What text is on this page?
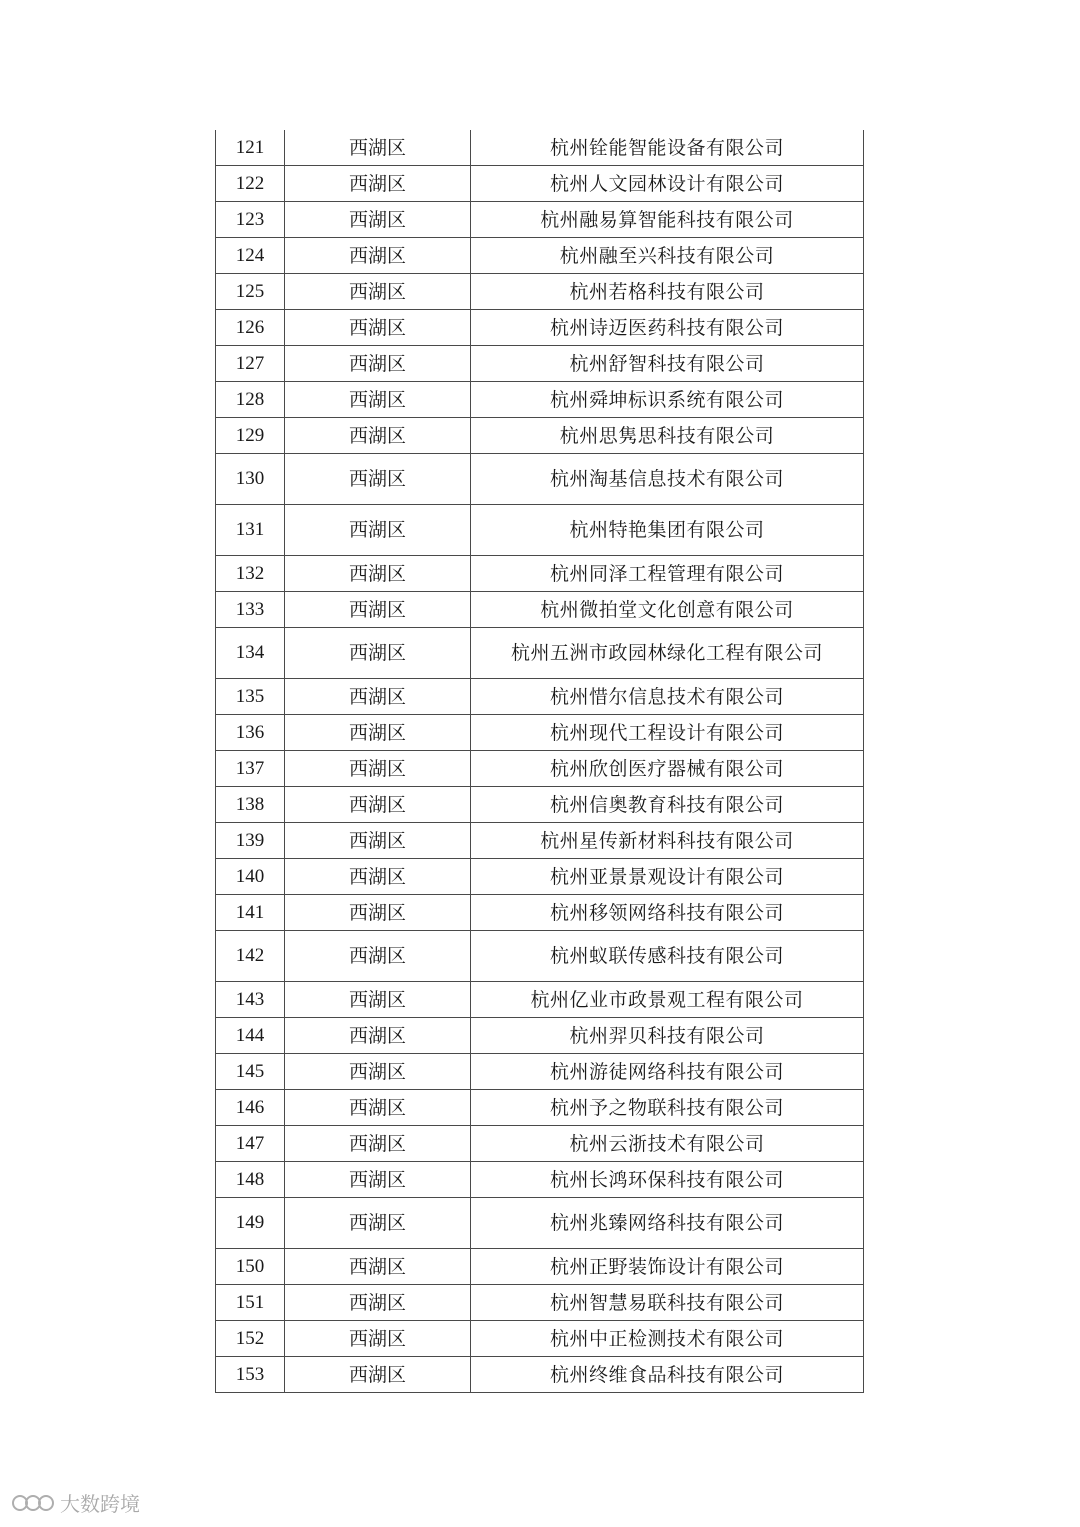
121	西湖区	杭州铨能智能设备有限公司
122	西湖区	杭州人文园林设计有限公司
123	西湖区	杭州融易算智能科技有限公司
124	西湖区	杭州融至兴科技有限公司
125	西湖区	杭州若格科技有限公司
126	西湖区	杭州诗迈医药科技有限公司
127	西湖区	杭州舒智科技有限公司
128	西湖区	杭州舜坤标识系统有限公司
129	西湖区	杭州思隽思科技有限公司
130	西湖区	杭州淘基信息技术有限公司
131	西湖区	杭州特艳集团有限公司
132	西湖区	杭州同泽工程管理有限公司
133	西湖区	杭州微拍堂文化创意有限公司
134	西湖区	杭州五洲市政园林绿化工程有限公司
135	西湖区	杭州惜尔信息技术有限公司
136	西湖区	杭州现代工程设计有限公司
137	西湖区	杭州欣创医疗器械有限公司
138	西湖区	杭州信奥教育科技有限公司
139	西湖区	杭州星传新材料科技有限公司
140	西湖区	杭州亚景景观设计有限公司
141	西湖区	杭州移领网络科技有限公司
142	西湖区	杭州蚁联传感科技有限公司
143	西湖区	杭州亿业市政景观工程有限公司
144	西湖区	杭州羿贝科技有限公司
145	西湖区	杭州游徒网络科技有限公司
146	西湖区	杭州予之物联科技有限公司
147	西湖区	杭州云浙技术有限公司
148	西湖区	杭州长鸿环保科技有限公司
149	西湖区	杭州兆臻网络科技有限公司
150	西湖区	杭州正野装饰设计有限公司
151	西湖区	杭州智慧易联科技有限公司
152	西湖区	杭州中正检测技术有限公司
153	西湖区	杭州终维食品科技有限公司
大数跨境
